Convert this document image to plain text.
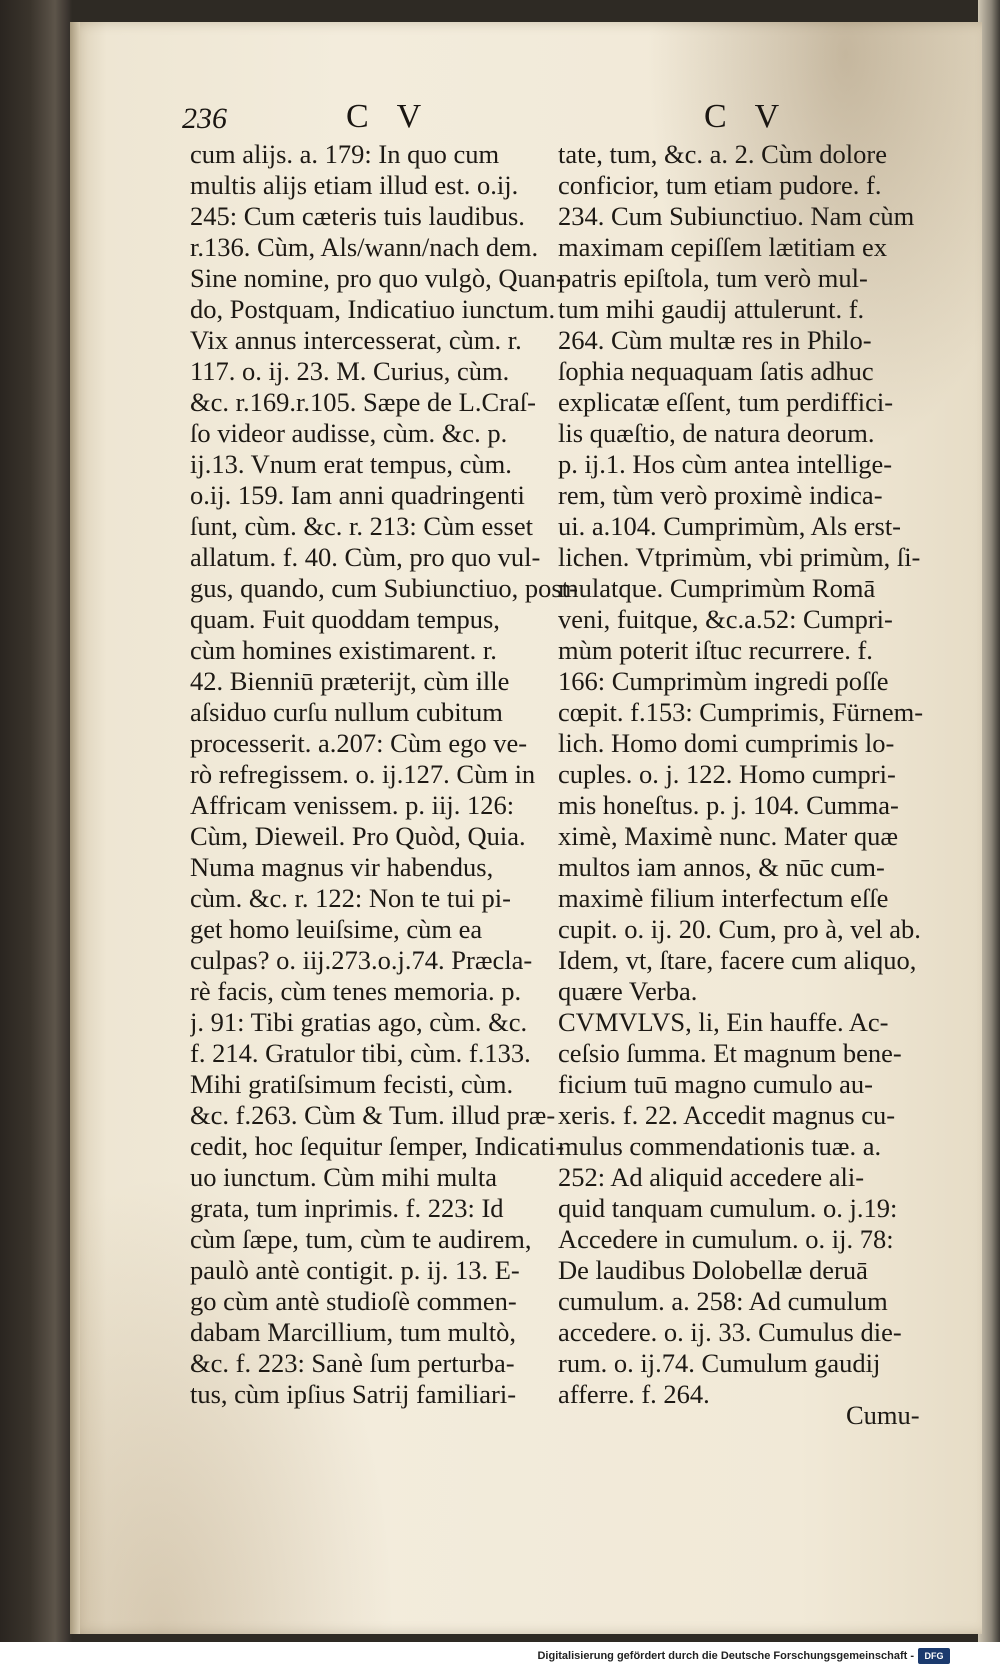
236	C V	C V
cum alijs. a. 179: In quo cum
multis alijs etiam illud est. o.ij.
245: Cum cæteris tuis laudibus.
r.136. Cùm, Als/wann/nach dem.
Sine nomine, pro quo vulgò, Quan-
do, Postquam, Indicatiuo iunctum.
Vix annus intercesserat, cùm. r.
117. o. ij. 23. M. Curius, cùm.
&c. r.169.r.105. Sæpe de L.Craſ-
ſo videor audisse, cùm. &c. p.
ij.13. Vnum erat tempus, cùm.
o.ij. 159. Iam anni quadringenti
ſunt, cùm. &c. r. 213: Cùm esset
allatum. f. 40. Cùm, pro quo vul-
gus, quando, cum Subiunctiuo, post-
quam. Fuit quoddam tempus,
cùm homines existimarent. r.
42. Bienniū præterijt, cùm ille
aſsiduo curſu nullum cubitum
processerit. a.207: Cùm ego ve-
rò refregissem. o. ij.127. Cùm in
Affricam venissem. p. iij. 126:
Cùm, Dieweil. Pro Quòd, Quia.
Numa magnus vir habendus,
cùm. &c. r. 122: Non te tui pi-
get homo leuiſsime, cùm ea
culpas? o. iij.273.o.j.74. Præcla-
rè facis, cùm tenes memoria. p.
j. 91: Tibi gratias ago, cùm. &c.
f. 214. Gratulor tibi, cùm. f.133.
Mihi gratiſsimum fecisti, cùm.
&c. f.263. Cùm & Tum. illud præ-
cedit, hoc ſequitur ſemper, Indicati-
uo iunctum. Cùm mihi multa
grata, tum inprimis. f. 223: Id
cùm ſæpe, tum, cùm te audirem,
paulò antè contigit. p. ij. 13. E-
go cùm antè studioſè commen-
dabam Marcillium, tum multò,
&c. f. 223: Sanè ſum perturba-
tus, cùm ipſius Satrij familiari-
tate, tum, &c. a. 2. Cùm dolore
conficior, tum etiam pudore. f.
234. Cum Subiunctiuo. Nam cùm
maximam cepiſſem lætitiam ex
patris epiſtola, tum verò mul-
tum mihi gaudij attulerunt. f.
264. Cùm multæ res in Philo-
ſophia nequaquam ſatis adhuc
explicatæ eſſent, tum perdiffici-
lis quæſtio, de natura deorum.
p. ij.1. Hos cùm antea intellige-
rem, tùm verò proximè indica-
ui. a.104. Cumprimùm, Als erst-
lichen. Vtprimùm, vbi primùm, ſi-
mulatque. Cumprimùm Romā
veni, fuitque, &c.a.52: Cumpri-
mùm poterit iſtuc recurrere. f.
166: Cumprimùm ingredi poſſe
cœpit. f.153: Cumprimis, Fürnem-
lich. Homo domi cumprimis lo-
cuples. o. j. 122. Homo cumpri-
mis honeſtus. p. j. 104. Cumma-
ximè, Maximè nunc. Mater quæ
multos iam annos, & nūc cum-
maximè filium interfectum eſſe
cupit. o. ij. 20. Cum, pro à, vel ab.
Idem, vt, ſtare, facere cum aliquo,
quære Verba.
CVMVLVS, li, Ein hauffe. Ac-
ceſsio ſumma. Et magnum bene-
ficium tuū magno cumulo au-
xeris. f. 22. Accedit magnus cu-
mulus commendationis tuæ. a.
252: Ad aliquid accedere ali-
quid tanquam cumulum. o. j.19:
Accedere in cumulum. o. ij. 78:
De laudibus Dolobellæ deruā
cumulum. a. 258: Ad cumulum
accedere. o. ij. 33. Cumulus die-
rum. o. ij.74. Cumulum gaudij
afferre. f. 264.
Cumu-
Digitalisierung gefördert durch die Deutsche Forschungsgemeinschaft -	DFG
